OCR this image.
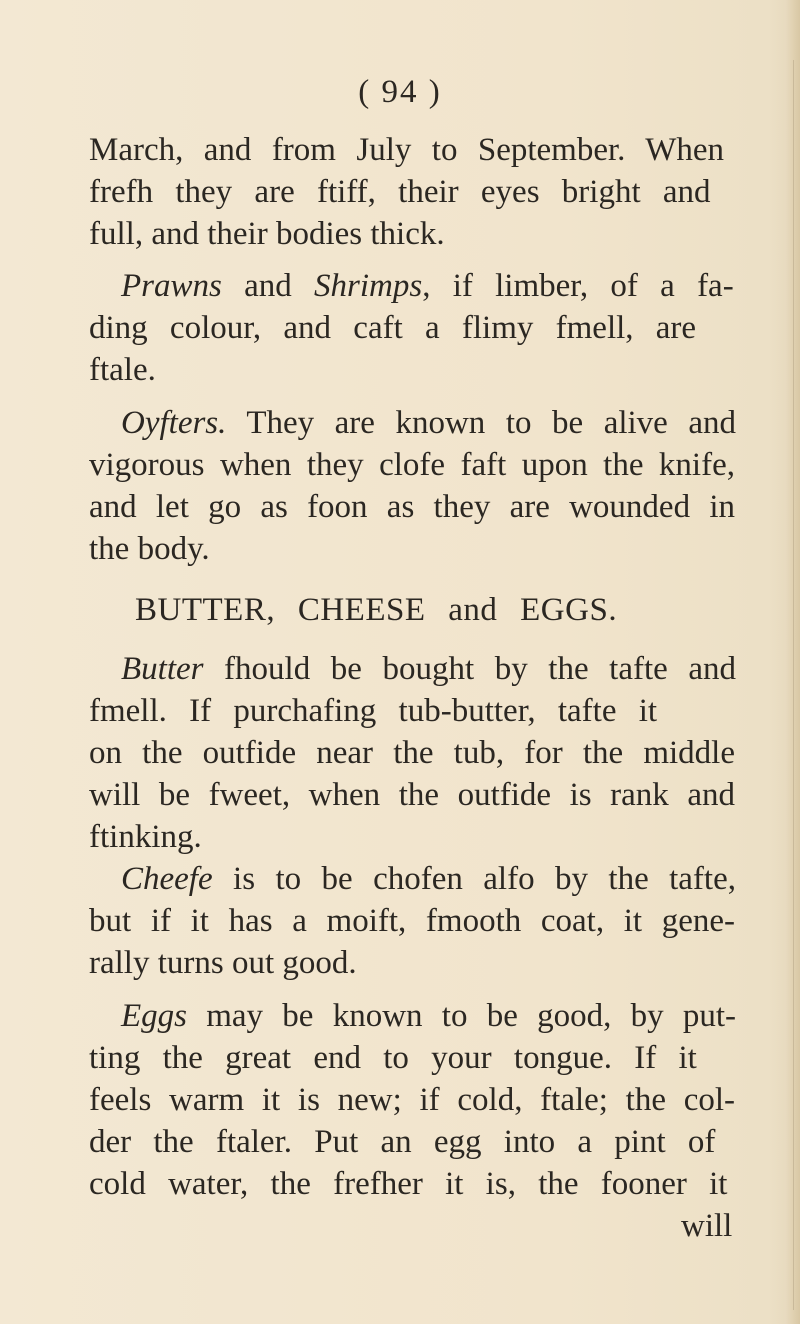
( 94 )
March, and from July to September. When
frefh they are ftiff, their eyes bright and
full, and their bodies thick.
Prawns and Shrimps, if limber, of a fa-
ding colour, and caft a flimy fmell, are
ftale.
Oyfters. They are known to be alive and
vigorous when they clofe faft upon the knife,
and let go as foon as they are wounded in
the body.
BUTTER, CHEESE and EGGS.
Butter fhould be bought by the tafte and
fmell. If purchafing tub-butter, tafte it
on the outfide near the tub, for the middle
will be fweet, when the outfide is rank and
ftinking.
Cheefe is to be chofen alfo by the tafte,
but if it has a moift, fmooth coat, it gene-
rally turns out good.
Eggs may be known to be good, by put-
ting the great end to your tongue. If it
feels warm it is new; if cold, ftale; the col-
der the ftaler. Put an egg into a pint of
cold water, the frefher it is, the fooner it
will
